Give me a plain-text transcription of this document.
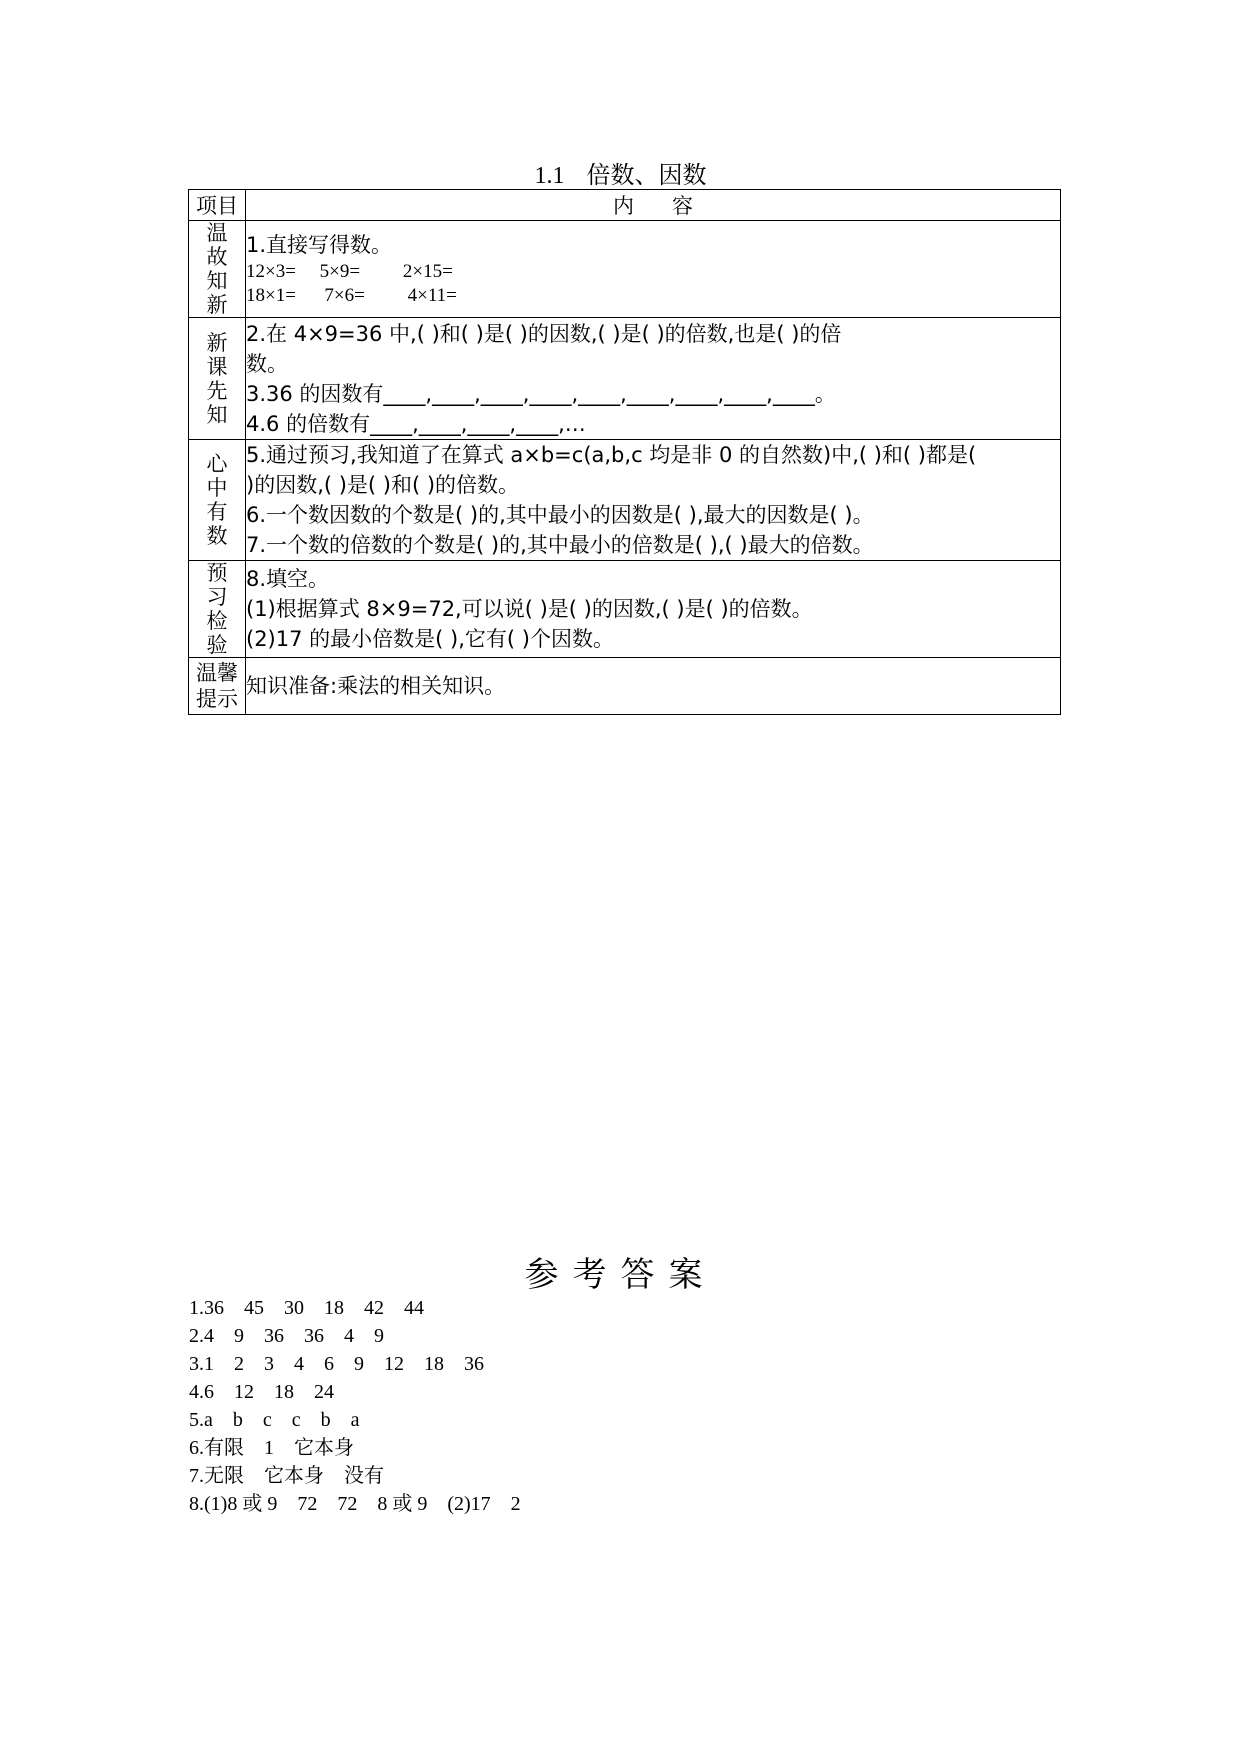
1.1 倍数、因数
项目	内容

温
故
知
新	1.直接写得数。
12×3=     5×9=         2×15=
18×1=      7×6=         4×11=

新
课
先
知	2.在 4×9=36 中,( )和( )是( )的因数,( )是( )的倍数,也是( )的倍
数。
3.36 的因数有____,____,____,____,____,____,____,____,____。
4.6 的倍数有____,____,____,____,…

心
中
有
数	5.通过预习,我知道了在算式 a×b=c(a,b,c 均是非 0 的自然数)中,( )和( )都是(
)的因数,( )是( )和( )的倍数。
6.一个数因数的个数是( )的,其中最小的因数是( ),最大的因数是( )。
7.一个数的倍数的个数是( )的,其中最小的倍数是( ),( )最大的倍数。

预
习
检
验	8.填空。
(1)根据算式 8×9=72,可以说( )是( )的因数,( )是( )的倍数。
(2)17 的最小倍数是( ),它有( )个因数。

温馨
提示	知识准备:乘法的相关知识。
参考答案
1.36    45    30    18    42    44
2.4    9    36    36    4    9
3.1    2    3    4    6    9    12    18    36
4.6    12    18    24
5.a    b    c    c    b    a
6.有限    1    它本身
7.无限    它本身    没有
8.(1)8 或 9    72    72    8 或 9    (2)17    2
